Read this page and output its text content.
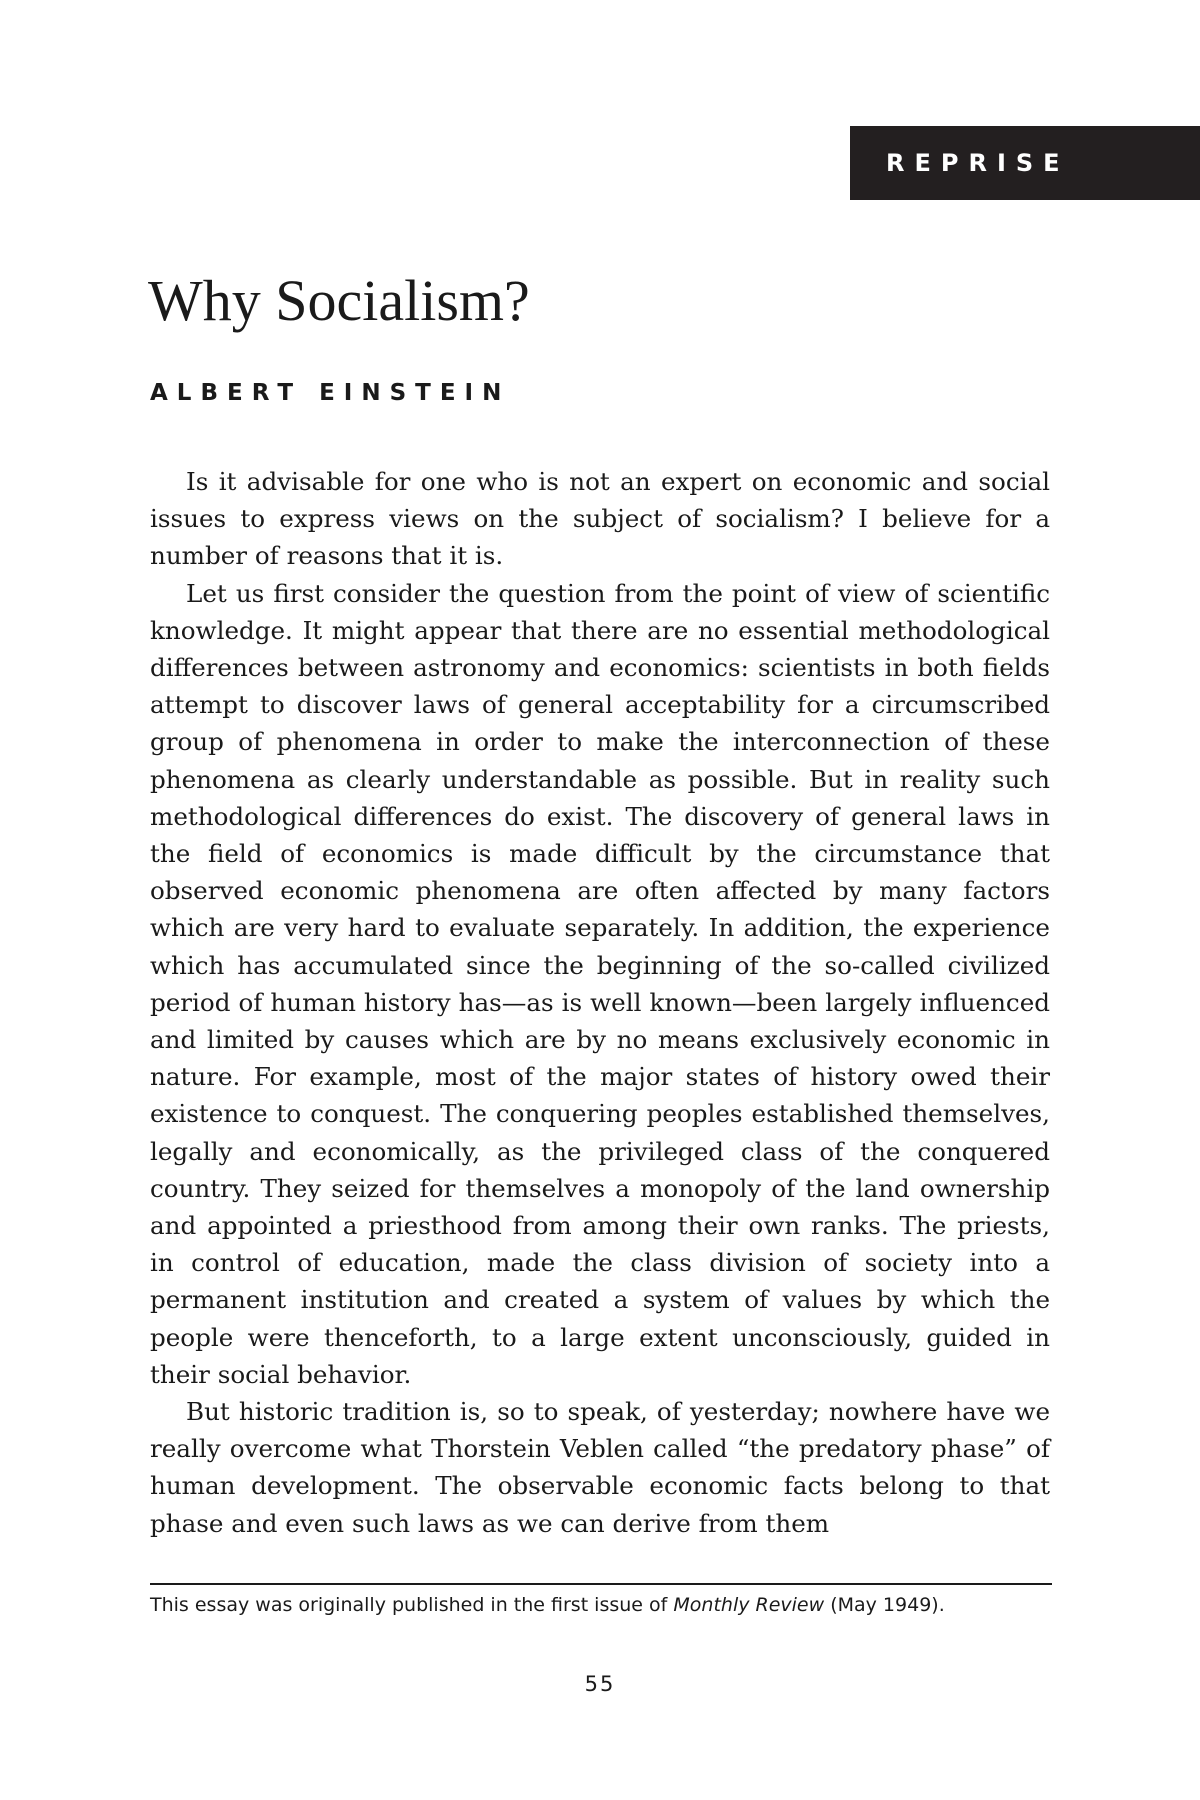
REPRISE
Why Socialism?
ALBERT EINSTEIN

Is it advisable for one who is not an expert on economic and social issues to express views on the subject of socialism? I believe for a number of reasons that it is.

Let us first consider the question from the point of view of scientific knowledge. It might appear that there are no essential methodological differences between astronomy and economics: scientists in both fields attempt to discover laws of general acceptability for a circumscribed group of phenomena in order to make the interconnection of these phenomena as clearly understandable as possible. But in reality such methodological differences do exist. The discovery of general laws in the field of economics is made difficult by the circumstance that observed economic phenomena are often affected by many factors which are very hard to evaluate separately. In addition, the experience which has accumulated since the beginning of the so-called civilized period of human history has—as is well known—been largely influenced and limited by causes which are by no means exclusively economic in nature. For example, most of the major states of history owed their existence to conquest. The conquering peoples established themselves, legally and economically, as the privileged class of the conquered country. They seized for themselves a monopoly of the land ownership and appointed a priesthood from among their own ranks. The priests, in control of education, made the class division of society into a permanent institution and created a system of values by which the people were thenceforth, to a large extent unconsciously, guided in their social behavior.

But historic tradition is, so to speak, of yesterday; nowhere have we really overcome what Thorstein Veblen called “the predatory phase” of human development. The observable economic facts belong to that phase and even such laws as we can derive from them

This essay was originally published in the first issue of Monthly Review (May 1949).
55
